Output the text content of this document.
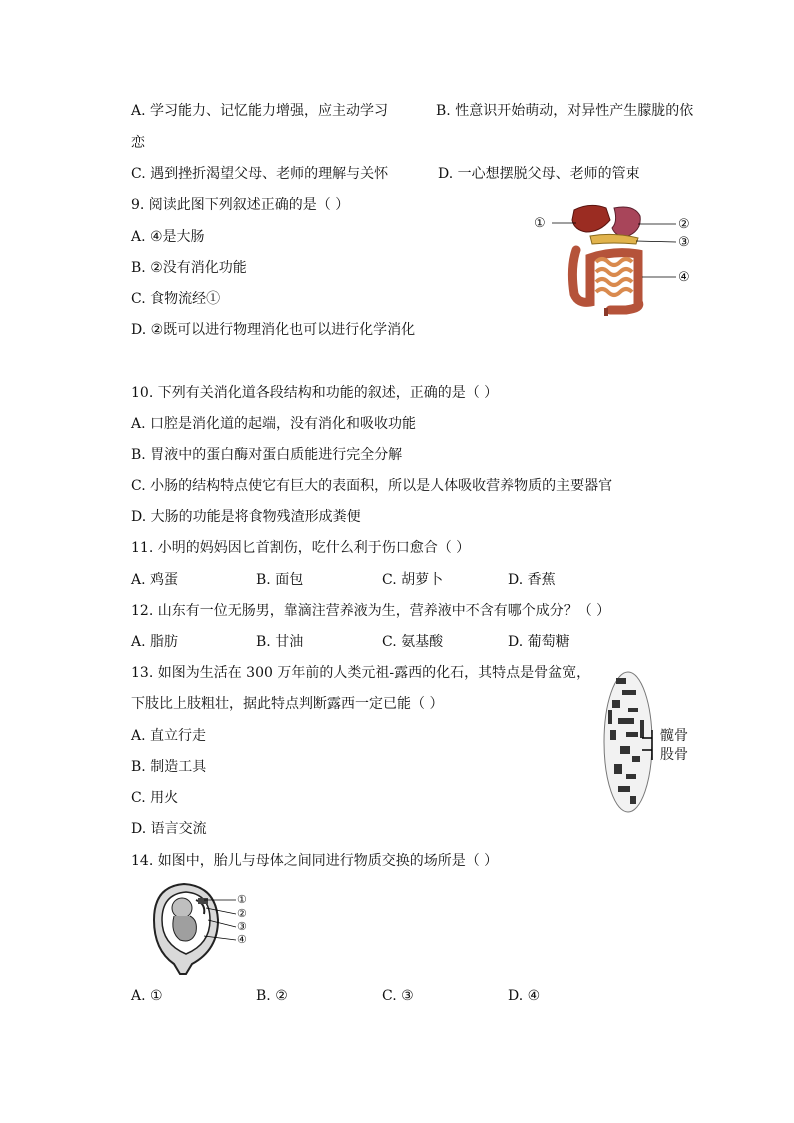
A. 学习能力、记忆能力增强，应主动学习	B. 性意识开始萌动，对异性产生朦胧的依
恋
C. 遇到挫折渴望父母、老师的理解与关怀	D. 一心想摆脱父母、老师的管束
9. 阅读此图下列叙述正确的是（ ）
A. ④是大肠
B. ②没有消化功能
C. 食物流经①
D. ②既可以进行物理消化也可以进行化学消化
①	②
③
④
10. 下列有关消化道各段结构和功能的叙述，正确的是（ ）
A. 口腔是消化道的起端，没有消化和吸收功能
B. 胃液中的蛋白酶对蛋白质能进行完全分解
C. 小肠的结构特点使它有巨大的表面积，所以是人体吸收营养物质的主要器官
D. 大肠的功能是将食物残渣形成粪便
11. 小明的妈妈因匕首割伤，吃什么利于伤口愈合（ ）
A. 鸡蛋	B. 面包	C. 胡萝卜	D. 香蕉
12. 山东有一位无肠男，靠滴注营养液为生，营养液中不含有哪个成分？（ ）
A. 脂肪	B. 甘油	C. 氨基酸	D. 葡萄糖
13. 如图为生活在 300 万年前的人类元祖-露西的化石，其特点是骨盆宽，
下肢比上肢粗壮，据此特点判断露西一定已能（ ）
A. 直立行走
B. 制造工具
C. 用火
D. 语言交流
髋骨
股骨
14. 如图中，胎儿与母体之间同进行物质交换的场所是（ ）
①
②
③
④
A. ①	B. ②	C. ③	D. ④
